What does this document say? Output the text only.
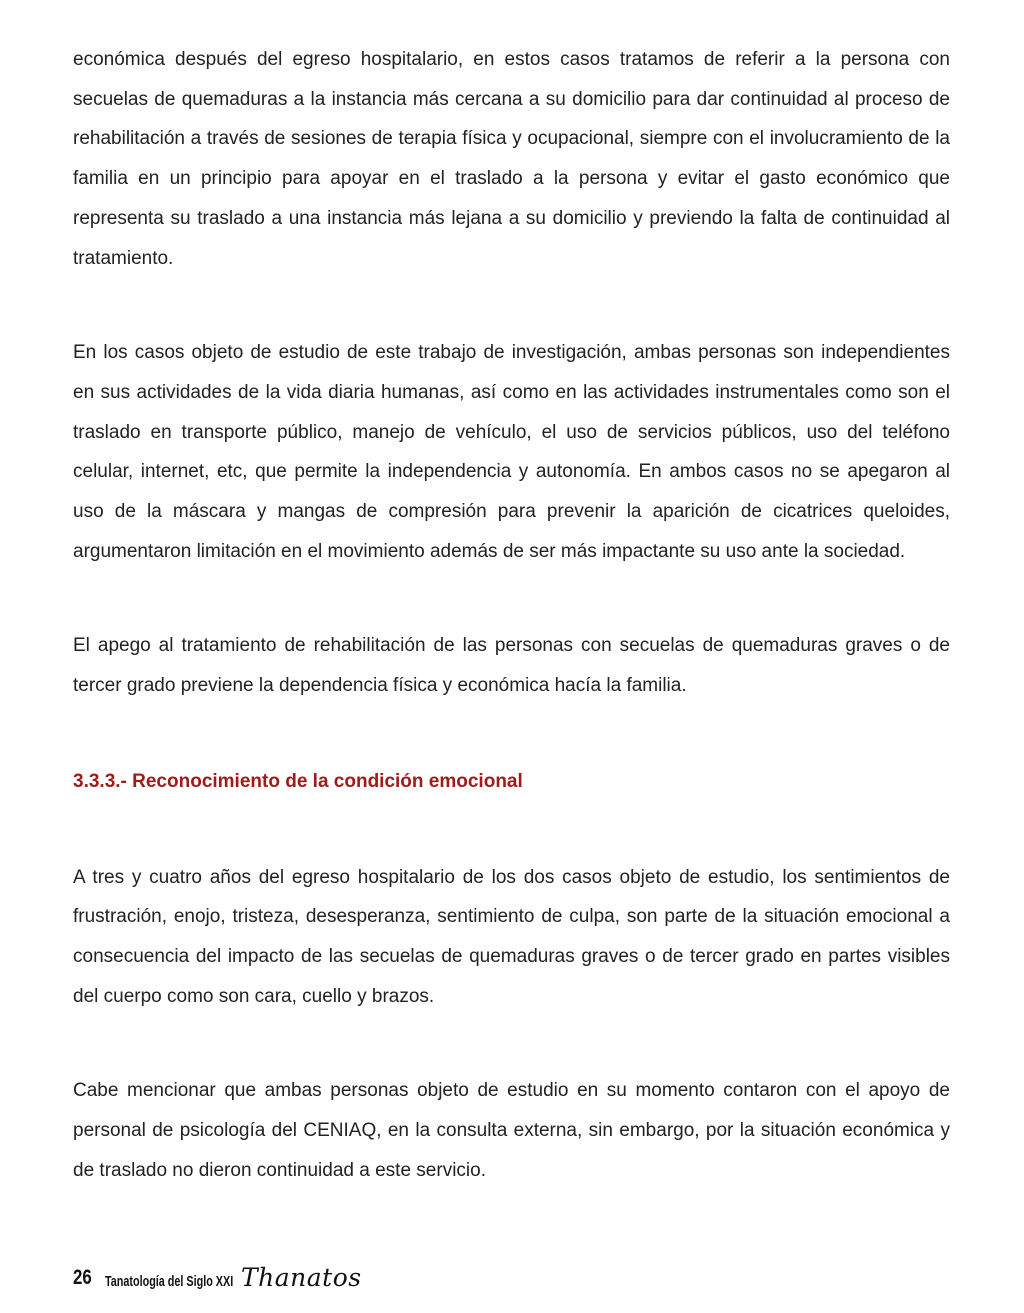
económica después del egreso hospitalario, en estos casos tratamos de referir a la persona con secuelas de quemaduras a la instancia más cercana a su domicilio para dar continuidad al proceso de rehabilitación a través de sesiones de terapia física y ocupacional, siempre con el involucramiento de la familia en un principio para apoyar en el traslado a la persona y evitar el gasto económico que representa su traslado a una instancia más lejana a su domicilio y previendo la falta de continuidad al tratamiento.

En los casos objeto de estudio de este trabajo de investigación, ambas personas son independientes en sus actividades de la vida diaria humanas, así como en las actividades instrumentales como son el traslado en transporte público, manejo de vehículo, el uso de servicios públicos, uso del teléfono celular, internet, etc, que permite la independencia y autonomía. En ambos casos no se apegaron al uso de la máscara y mangas de compresión para prevenir la aparición de cicatrices queloides, argumentaron limitación en el movimiento además de ser más impactante su uso ante la sociedad.

El apego al tratamiento de rehabilitación de las personas con secuelas de quemaduras graves o de tercer grado previene la dependencia física y económica hacía la familia.

3.3.3.- Reconocimiento de la condición emocional

A tres y cuatro años del egreso hospitalario de los dos casos objeto de estudio, los sentimientos de frustración, enojo, tristeza, desesperanza, sentimiento de culpa, son parte de la situación emocional a consecuencia del impacto de las secuelas de quemaduras graves o de tercer grado en partes visibles del cuerpo como son cara, cuello y brazos.

Cabe mencionar que ambas personas objeto de estudio en su momento contaron con el apoyo de personal de psicología del CENIAQ, en la consulta externa, sin embargo, por la situación económica y de traslado no dieron continuidad a este servicio.

26 Tanatología del Siglo XXI Thanatos
